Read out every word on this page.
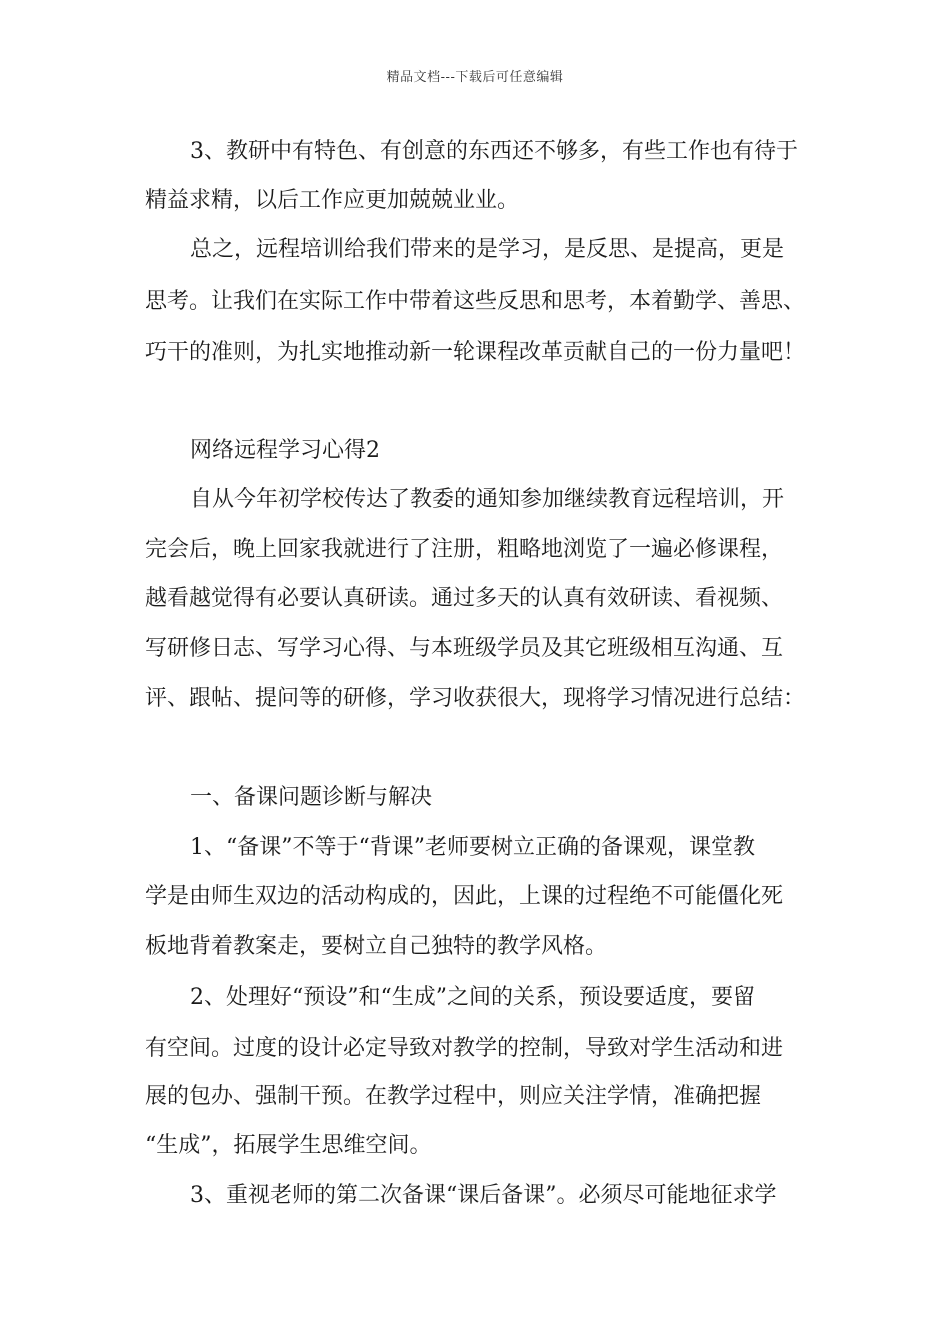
精品文档---下载后可任意编辑
3、教研中有特色、有创意的东西还不够多，有些工作也有待于
精益求精，以后工作应更加兢兢业业。
总之，远程培训给我们带来的是学习，是反思、是提高，更是
思考。让我们在实际工作中带着这些反思和思考，本着勤学、善思、
巧干的准则，为扎实地推动新一轮课程改革贡献自己的一份力量吧！
网络远程学习心得2
自从今年初学校传达了教委的通知参加继续教育远程培训，开
完会后，晚上回家我就进行了注册，粗略地浏览了一遍必修课程，
越看越觉得有必要认真研读。通过多天的认真有效研读、看视频、
写研修日志、写学习心得、与本班级学员及其它班级相互沟通、互
评、跟帖、提问等的研修，学习收获很大，现将学习情况进行总结：
一、备课问题诊断与解决
1、“备课”不等于“背课”老师要树立正确的备课观，课堂教
学是由师生双边的活动构成的，因此，上课的过程绝不可能僵化死
板地背着教案走，要树立自己独特的教学风格。
2、处理好“预设”和“生成”之间的关系，预设要适度，要留
有空间。过度的设计必定导致对教学的控制，导致对学生活动和进
展的包办、强制干预。在教学过程中，则应关注学情，准确把握
“生成”，拓展学生思维空间。
3、重视老师的第二次备课“课后备课”。必须尽可能地征求学
